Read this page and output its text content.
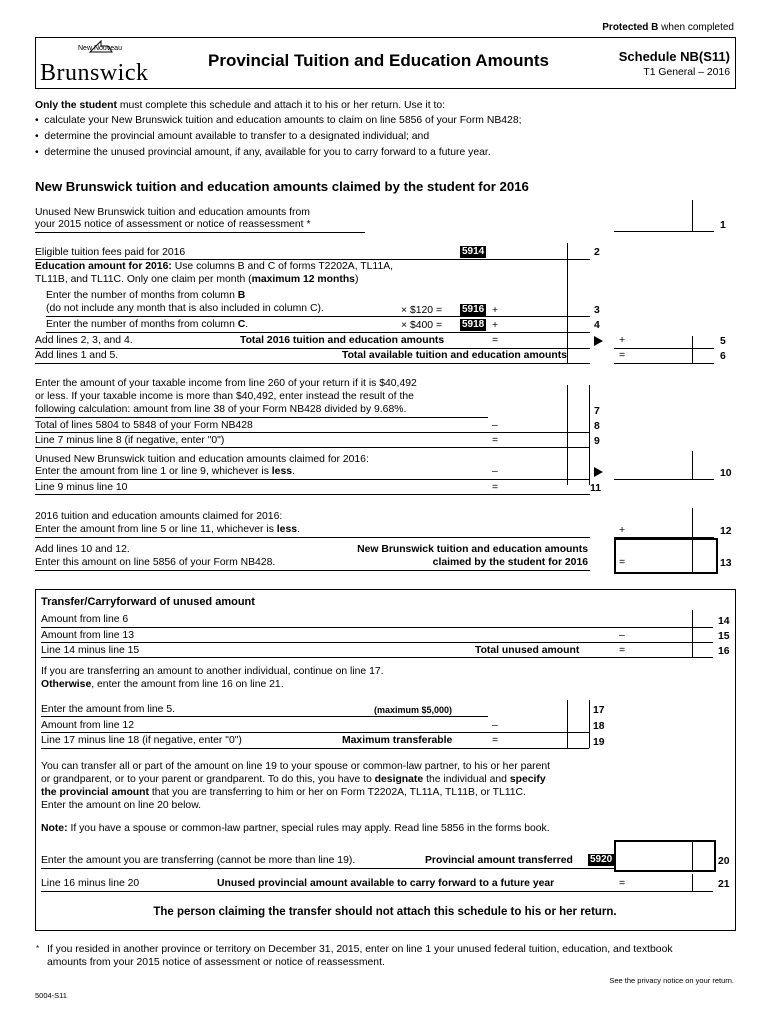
Protected B when completed
New Nouveau
Brunswick	Provincial Tuition and Education Amounts	Schedule NB(S11)
T1 General – 2016
Only the student must complete this schedule and attach it to his or her return. Use it to:
•  calculate your New Brunswick tuition and education amounts to claim on line 5856 of your Form NB428;
•  determine the provincial amount available to transfer to a designated individual; and
•  determine the unused provincial amount, if any, available for you to carry forward to a future year.
New Brunswick tuition and education amounts claimed by the student for 2016
Unused New Brunswick tuition and education amounts from
your 2015 notice of assessment or notice of reassessment *	1
Eligible tuition fees paid for 2016	5914	2
Education amount for 2016: Use columns B and C of forms T2202A, TL11A,
TL11B, and TL11C. Only one claim per month (maximum 12 months)
Enter the number of months from column B
(do not include any month that is also included in column C).	× $120 = 5916 +	3
Enter the number of months from column C.	× $400 = 5918 +	4
Add lines 2, 3, and 4.	Total 2016 tuition and education amounts	=	+	5
Add lines 1 and 5.	Total available tuition and education amounts	=	6
Enter the amount of your taxable income from line 260 of your return if it is $40,492
or less. If your taxable income is more than $40,492, enter instead the result of the
following calculation: amount from line 38 of your Form NB428 divided by 9.68%.	7
Total of lines 5804 to 5848 of your Form NB428	–	8
Line 7 minus line 8 (if negative, enter "0")	=	9
Unused New Brunswick tuition and education amounts claimed for 2016:
Enter the amount from line 1 or line 9, whichever is less.	–	10
Line 9 minus line 10	=	11
2016 tuition and education amounts claimed for 2016:
Enter the amount from line 5 or line 11, whichever is less.	+	12
Add lines 10 and 12.
Enter this amount on line 5856 of your Form NB428.
New Brunswick tuition and education amounts
claimed by the student for 2016	=	13
Transfer/Carryforward of unused amount
Amount from line 6	14
Amount from line 13	–	15
Line 14 minus line 15	Total unused amount	=	16
If you are transferring an amount to another individual, continue on line 17.
Otherwise, enter the amount from line 16 on line 21.
Enter the amount from line 5.	(maximum $5,000)	17
Amount from line 12	–	18
Line 17 minus line 18 (if negative, enter "0")	Maximum transferable	=	19
You can transfer all or part of the amount on line 19 to your spouse or common-law partner, to his or her parent
or grandparent, or to your parent or grandparent. To do this, you have to designate the individual and specify
the provincial amount that you are transferring to him or her on Form T2202A, TL11A, TL11B, or TL11C.
Enter the amount on line 20 below.
Note: If you have a spouse or common-law partner, special rules may apply. Read line 5856 in the forms book.
Enter the amount you are transferring (cannot be more than line 19).	Provincial amount transferred 5920	20
Line 16 minus line 20	Unused provincial amount available to carry forward to a future year	=	21
The person claiming the transfer should not attach this schedule to his or her return.
* If you resided in another province or territory on December 31, 2015, enter on line 1 your unused federal tuition, education, and textbook
amounts from your 2015 notice of assessment or notice of reassessment.
See the privacy notice on your return.
5004-S11
